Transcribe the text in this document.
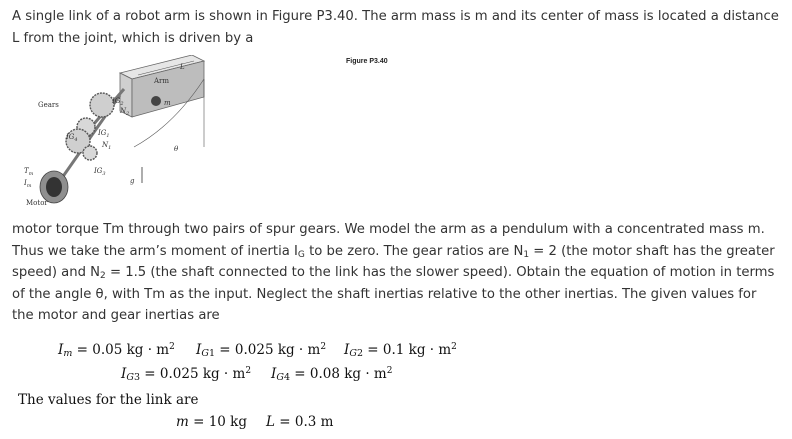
A single link of a robot arm is shown in Figure P3.40. The arm mass is m and its center of mass is located a distance L from the joint, which is driven by a

Figure P3.40
Gears
Arm
Motor
$T_m$
$I_m$
$IG_2$
$IG_1$
$IG_4$
$IG_3$
$N_2$
$N_1$
L
m
g
θ

motor torque Tm through two pairs of spur gears. We model the arm as a pendulum with a concentrated mass m. Thus we take the arm’s moment of inertia $I_G$ to be zero. The gear ratios are $N_1 = 2$ (the motor shaft has the greater speed) and $N_2 = 1.5$ (the shaft connected to the link has the slower speed). Obtain the equation of motion in terms of the angle θ, with Tm as the input. Neglect the shaft inertias relative to the other inertias. The given values for the motor and gear inertias are

$I_m = 0.05$ kg · $m^2$ $I_{G1} = 0.025$ kg · $m^2$ $I_{G2} = 0.1$ kg · $m^2$
$I_{G3} = 0.025$ kg · $m^2$ $I_{G4} = 0.08$ kg · $m^2$
The values for the link are
m = 10 kg L = 0.3 m
